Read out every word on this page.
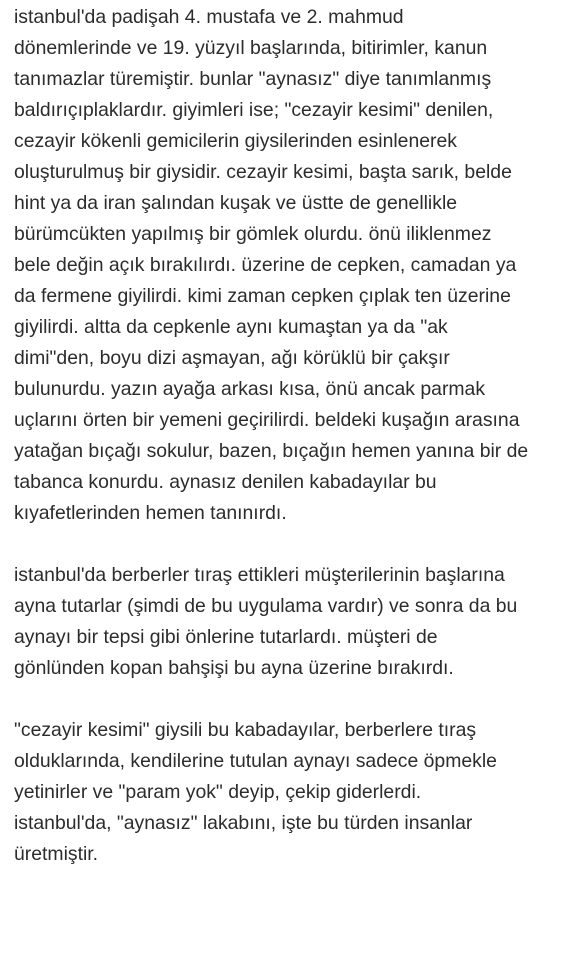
istanbul'da padişah 4. mustafa ve 2. mahmud
dönemlerinde ve 19. yüzyıl başlarında, bitirimler, kanun
tanımazlar türemiştir. bunlar "aynasız" diye tanımlanmış
baldırıçıplaklardır. giyimleri ise; "cezayir kesimi" denilen,
cezayir kökenli gemicilerin giysilerinden esinlenerek
oluşturulmuş bir giysidir. cezayir kesimi, başta sarık, belde
hint ya da iran şalından kuşak ve üstte de genellikle
bürümcükten yapılmış bir gömlek olurdu. önü iliklenmez
bele değin açık bırakılırdı. üzerine de cepken, camadan ya
da fermene giyilirdi. kimi zaman cepken çıplak ten üzerine
giyilirdi. altta da cepkenle aynı kumaştan ya da "ak
dimi"den, boyu dizi aşmayan, ağı körüklü bir çakşır
bulunurdu. yazın ayağa arkası kısa, önü ancak parmak
uçlarını örten bir yemeni geçirilirdi. beldeki kuşağın arasına
yatağan bıçağı sokulur, bazen, bıçağın hemen yanına bir de
tabanca konurdu. aynasız denilen kabadayılar bu
kıyafetlerinden hemen tanınırdı.
istanbul'da berberler tıraş ettikleri müşterilerinin başlarına
ayna tutarlar (şimdi de bu uygulama vardır) ve sonra da bu
aynayı bir tepsi gibi önlerine tutarlardı. müşteri de
gönlünden kopan bahşişi bu ayna üzerine bırakırdı.
"cezayir kesimi" giysili bu kabadayılar, berberlere tıraş
olduklarında, kendilerine tutulan aynayı sadece öpmekle
yetinirler ve "param yok" deyip, çekip giderlerdi.
istanbul'da, "aynasız" lakabını, işte bu türden insanlar
üretmiştir.
